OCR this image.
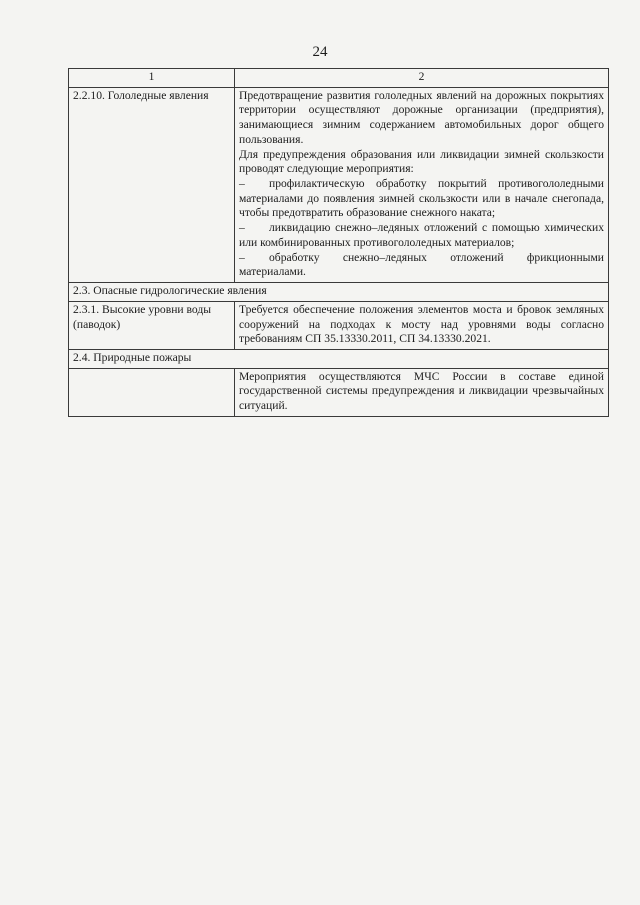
24
1	2
2.2.10. Гололедные явления	Предотвращение развития гололедных явлений на дорожных покрытиях территории осуществляют дорожные организации (предприятия), занимающиеся зимним содержанием автомобильных дорог общего пользования.
Для предупреждения образования или ликвидации зимней скользкости проводят следующие мероприятия:
– профилактическую обработку покрытий противогололедными материалами до появления зимней скользкости или в начале снегопада, чтобы предотвратить образование снежного наката;
– ликвидацию снежно–ледяных отложений с помощью химических или комбинированных противогололедных материалов;
– обработку снежно–ледяных отложений фрикционными материалами.

2.3. Опасные гидрологические явления	
2.3.1. Высокие уровни воды (паводок)	Требуется обеспечение положения элементов моста и бровок земляных сооружений на подходах к мосту над уровнями воды согласно требованиям СП 35.13330.2011, СП 34.13330.2021.
2.4. Природные пожары	
	Мероприятия осуществляются МЧС России в составе единой государственной системы предупреждения и ликвидации чрезвычайных ситуаций.
